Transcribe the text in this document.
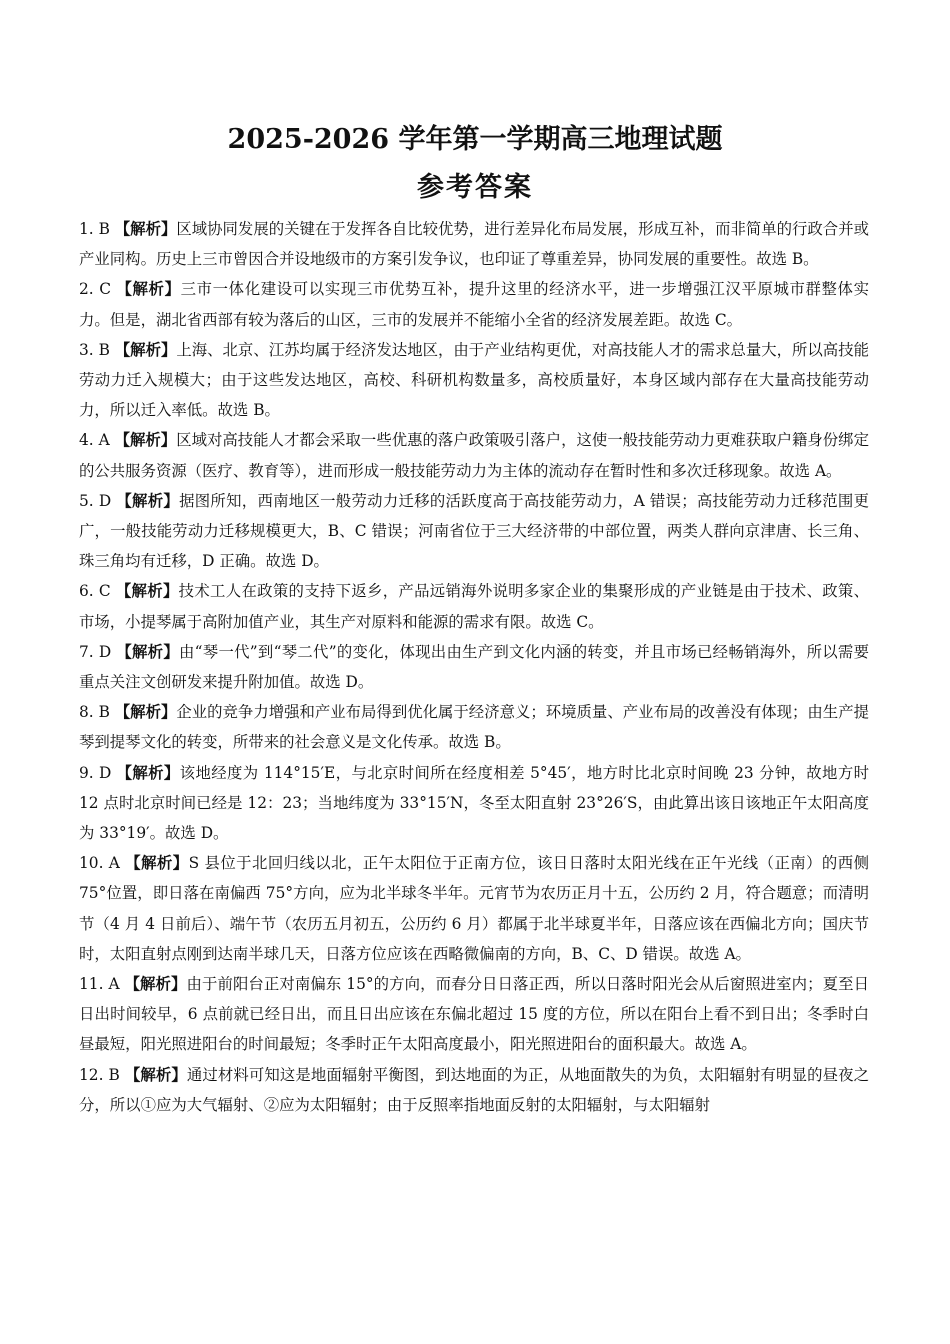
2025-2026 学年第一学期高三地理试题
参考答案
1. B 【解析】区域协同发展的关键在于发挥各自比较优势，进行差异化布局发展，形成互补，而非简单的行政合并或产业同构。历史上三市曾因合并设地级市的方案引发争议，也印证了尊重差异，协同发展的重要性。故选 B。
2. C 【解析】三市一体化建设可以实现三市优势互补，提升这里的经济水平，进一步增强江汉平原城市群整体实力。但是，湖北省西部有较为落后的山区，三市的发展并不能缩小全省的经济发展差距。故选 C。
3. B 【解析】上海、北京、江苏均属于经济发达地区，由于产业结构更优，对高技能人才的需求总量大，所以高技能劳动力迁入规模大；由于这些发达地区，高校、科研机构数量多，高校质量好，本身区域内部存在大量高技能劳动力，所以迁入率低。故选 B。
4. A 【解析】区域对高技能人才都会采取一些优惠的落户政策吸引落户，这使一般技能劳动力更难获取户籍身份绑定的公共服务资源（医疗、教育等），进而形成一般技能劳动力为主体的流动存在暂时性和多次迁移现象。故选 A。
5. D 【解析】据图所知，西南地区一般劳动力迁移的活跃度高于高技能劳动力，A 错误；高技能劳动力迁移范围更广，一般技能劳动力迁移规模更大，B、C 错误；河南省位于三大经济带的中部位置，两类人群向京津唐、长三角、珠三角均有迁移，D 正确。故选 D。
6. C 【解析】技术工人在政策的支持下返乡，产品远销海外说明多家企业的集聚形成的产业链是由于技术、政策、市场，小提琴属于高附加值产业，其生产对原料和能源的需求有限。故选 C。
7. D 【解析】由“琴一代”到“琴二代”的变化，体现出由生产到文化内涵的转变，并且市场已经畅销海外，所以需要重点关注文创研发来提升附加值。故选 D。
8. B 【解析】企业的竞争力增强和产业布局得到优化属于经济意义；环境质量、产业布局的改善没有体现；由生产提琴到提琴文化的转变，所带来的社会意义是文化传承。故选 B。
9. D 【解析】该地经度为 114°15′E，与北京时间所在经度相差 5°45′，地方时比北京时间晚 23 分钟，故地方时 12 点时北京时间已经是 12：23；当地纬度为 33°15′N，冬至太阳直射 23°26′S，由此算出该日该地正午太阳高度为 33°19′。故选 D。
10. A 【解析】S 县位于北回归线以北，正午太阳位于正南方位，该日日落时太阳光线在正午光线（正南）的西侧 75°位置，即日落在南偏西 75°方向，应为北半球冬半年。元宵节为农历正月十五，公历约 2 月，符合题意；而清明节（4 月 4 日前后）、端午节（农历五月初五，公历约 6 月）都属于北半球夏半年，日落应该在西偏北方向；国庆节时，太阳直射点刚到达南半球几天，日落方位应该在西略微偏南的方向，B、C、D 错误。故选 A。
11. A 【解析】由于前阳台正对南偏东 15°的方向，而春分日日落正西，所以日落时阳光会从后窗照进室内；夏至日日出时间较早，6 点前就已经日出，而且日出应该在东偏北超过 15 度的方位，所以在阳台上看不到日出；冬季时白昼最短，阳光照进阳台的时间最短；冬季时正午太阳高度最小，阳光照进阳台的面积最大。故选 A。
12. B 【解析】通过材料可知这是地面辐射平衡图，到达地面的为正，从地面散失的为负，太阳辐射有明显的昼夜之分，所以①应为大气辐射、②应为太阳辐射；由于反照率指地面反射的太阳辐射，与太阳辐射
